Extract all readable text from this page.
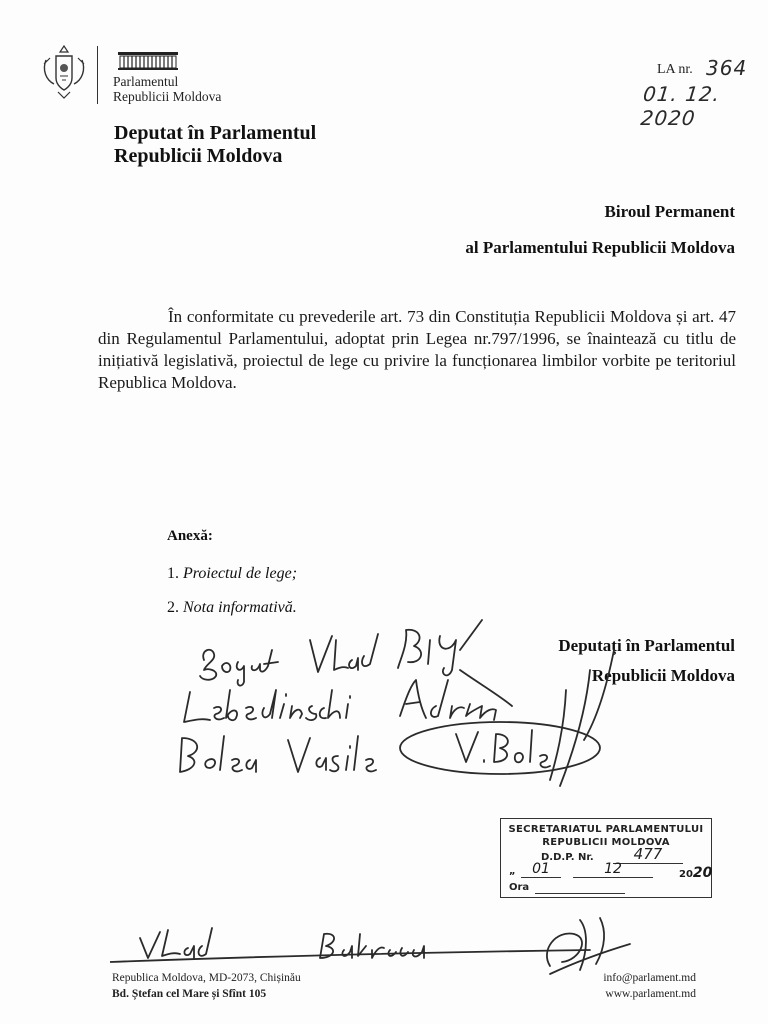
Parlamentul
Republicii Moldova
LA nr. 364
01. 12. 2020
Deputat în Parlamentul
Republicii Moldova
Biroul Permanent
al Parlamentului Republicii Moldova

În conformitate cu prevederile art. 73 din Constituția Republicii Moldova și art. 47 din Regulamentul Parlamentului, adoptat prin Legea nr.797/1996, se înaintează cu titlu de inițiativă legislativă, proiectul de lege cu privire la funcționarea limbilor vorbite pe teritoriul Republica Moldova.

Anexă:
1. Proiectul de lege;
2. Nota informativă.
Deputați în Parlamentul
Republicii Moldova
SECRETARIATUL PARLAMENTULUI
REPUBLICII MOLDOVA
D.D.P. Nr.	477
„	01	12	2020
Ora
Republica Moldova, MD-2073, Chișinău
Bd. Ștefan cel Mare și Sfînt 105
info@parlament.md
www.parlament.md
